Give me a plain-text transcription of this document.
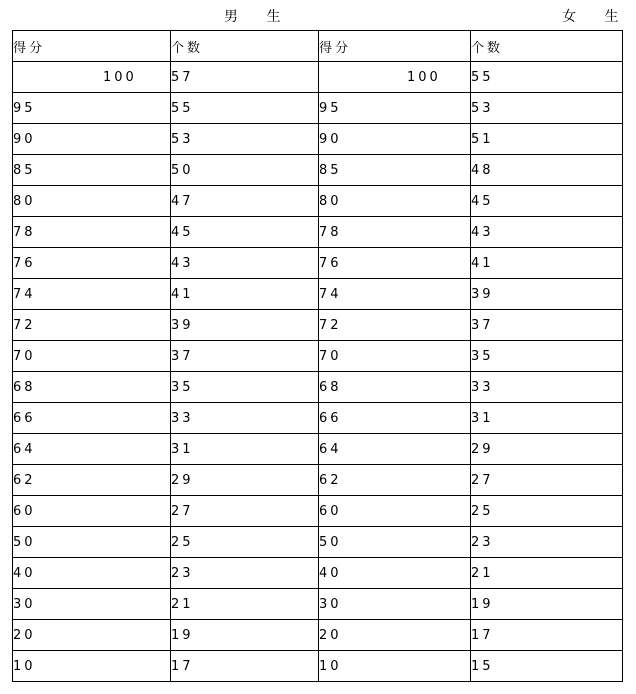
男 生	女 生
得分	个数	得分	个数
100	57	100	55
95	55	95	53
90	53	90	51
85	50	85	48
80	47	80	45
78	45	78	43
76	43	76	41
74	41	74	39
72	39	72	37
70	37	70	35
68	35	68	33
66	33	66	31
64	31	64	29
62	29	62	27
60	27	60	25
50	25	50	23
40	23	40	21
30	21	30	19
20	19	20	17
10	17	10	15
